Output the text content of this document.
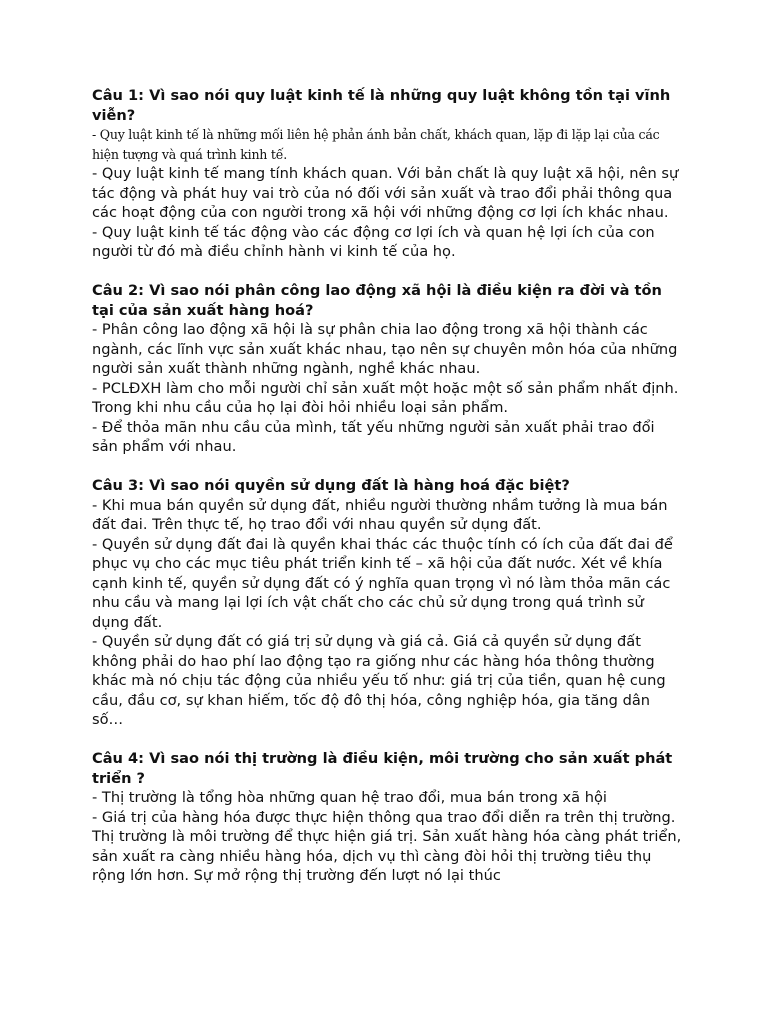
Câu 1: Vì sao nói quy luật kinh tế là những quy luật không tồn tại vĩnh viễn?

- Quy luật kinh tế là những mối liên hệ phản ánh bản chất, khách quan, lặp đi lặp lại của các hiện tượng và quá trình kinh tế.

- Quy luật kinh tế mang tính khách quan. Với bản chất là quy luật xã hội, nên sự tác động và phát huy vai trò của nó đối với sản xuất và trao đổi phải thông qua các hoạt động của con người trong xã hội với những động cơ lợi ích khác nhau.

- Quy luật kinh tế tác động vào các động cơ lợi ích và quan hệ lợi ích của con người từ đó mà điều chỉnh hành vi kinh tế của họ.

Câu 2: Vì sao nói phân công lao động xã hội là điều kiện ra đời và tồn tại của sản xuất hàng hoá?

- Phân công lao động xã hội là sự phân chia lao động trong xã hội thành các ngành, các lĩnh vực sản xuất khác nhau, tạo nên sự chuyên môn hóa của những người sản xuất thành những ngành, nghề khác nhau.

- PCLĐXH làm cho mỗi người chỉ sản xuất một hoặc một số sản phẩm nhất định. Trong khi nhu cầu của họ lại đòi hỏi nhiều loại sản phẩm.

- Để thỏa mãn nhu cầu của mình, tất yếu những người sản xuất phải trao đổi sản phẩm với nhau.

Câu 3: Vì sao nói quyền sử dụng đất là hàng hoá đặc biệt?

- Khi mua bán quyền sử dụng đất, nhiều người thường nhầm tưởng là mua bán đất đai. Trên thực tế, họ trao đổi với nhau quyền sử dụng đất.

- Quyền sử dụng đất đai là quyền khai thác các thuộc tính có ích của đất đai để phục vụ cho các mục tiêu phát triển kinh tế – xã hội của đất nước. Xét về khía cạnh kinh tế, quyền sử dụng đất có ý nghĩa quan trọng vì nó làm thỏa mãn các nhu cầu và mang lại lợi ích vật chất cho các chủ sử dụng trong quá trình sử dụng đất.

- Quyền sử dụng đất có giá trị sử dụng và giá cả. Giá cả quyền sử dụng đất không phải do hao phí lao động tạo ra giống như các hàng hóa thông thường khác mà nó chịu tác động của nhiều yếu tố như: giá trị của tiền, quan hệ cung cầu, đầu cơ, sự khan hiếm, tốc độ đô thị hóa, công nghiệp hóa, gia tăng dân số…

Câu 4: Vì sao nói thị trường là điều kiện, môi trường cho sản xuất phát triển ?

- Thị trường là tổng hòa những quan hệ trao đổi, mua bán trong xã hội

- Giá trị của hàng hóa được thực hiện thông qua trao đổi diễn ra trên thị trường. Thị trường là môi trường để thực hiện giá trị. Sản xuất hàng hóa càng phát triển, sản xuất ra càng nhiều hàng hóa, dịch vụ thì càng đòi hỏi thị trường tiêu thụ rộng lớn hơn. Sự mở rộng thị trường đến lượt nó lại thúc
